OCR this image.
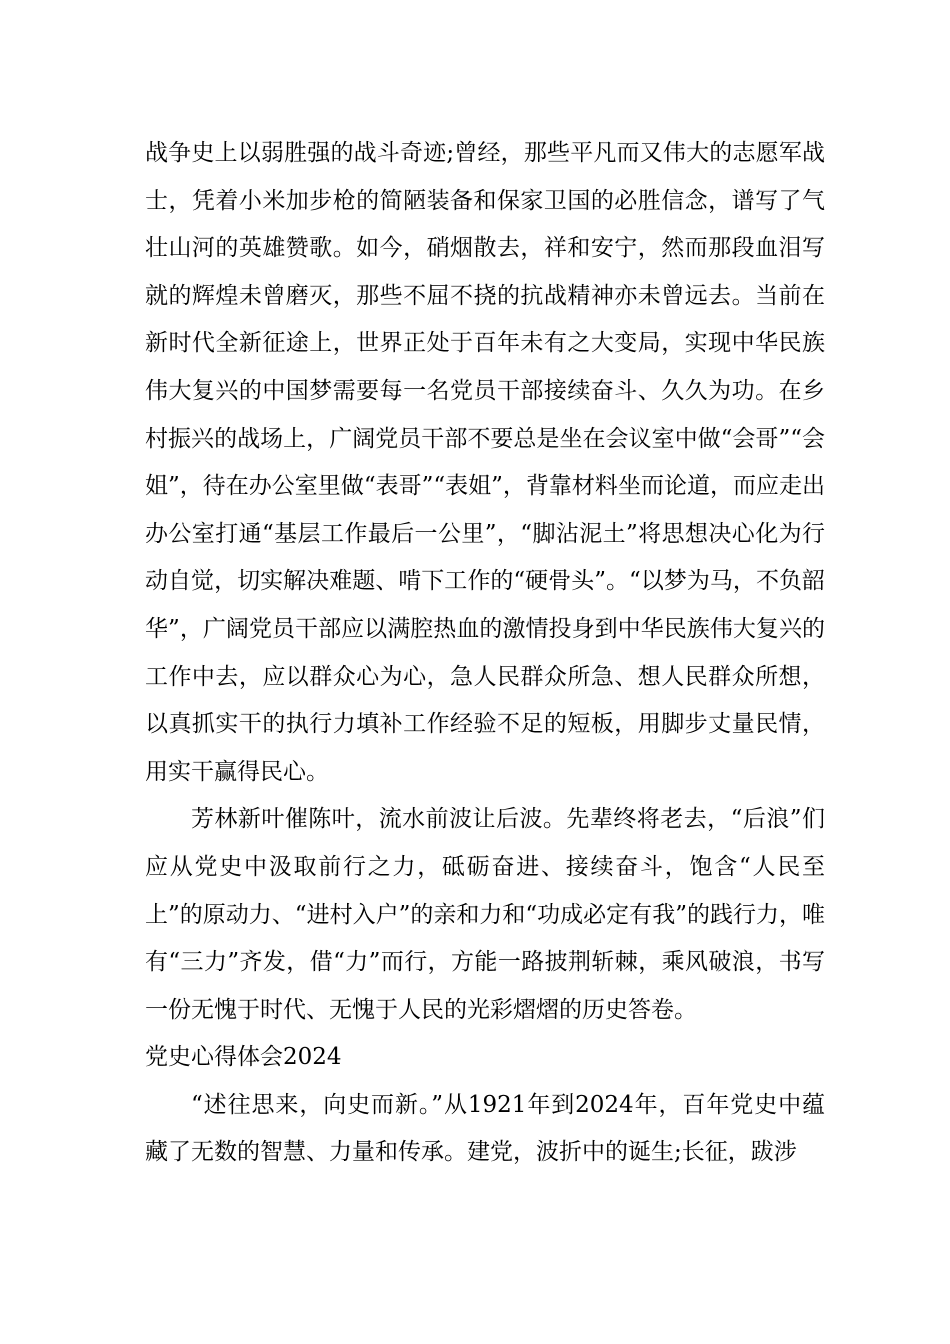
战争史上以弱胜强的战斗奇迹;曾经，那些平凡而又伟大的志愿军战士，凭着小米加步枪的简陋装备和保家卫国的必胜信念，谱写了气壮山河的英雄赞歌。如今，硝烟散去，祥和安宁，然而那段血泪写就的辉煌未曾磨灭，那些不屈不挠的抗战精神亦未曾远去。当前在新时代全新征途上，世界正处于百年未有之大变局，实现中华民族伟大复兴的中国梦需要每一名党员干部接续奋斗、久久为功。在乡村振兴的战场上，广阔党员干部不要总是坐在会议室中做“会哥”“会姐”，待在办公室里做“表哥”“表姐”，背靠材料坐而论道，而应走出办公室打通“基层工作最后一公里”，“脚沾泥土”将思想决心化为行动自觉，切实解决难题、啃下工作的“硬骨头”。“以梦为马，不负韶华”，广阔党员干部应以满腔热血的激情投身到中华民族伟大复兴的工作中去，应以群众心为心，急人民群众所急、想人民群众所想，以真抓实干的执行力填补工作经验不足的短板，用脚步丈量民情，用实干赢得民心。

芳林新叶催陈叶，流水前波让后波。先辈终将老去，“后浪”们应从党史中汲取前行之力，砥砺奋进、接续奋斗，饱含“人民至上”的原动力、“进村入户”的亲和力和“功成必定有我”的践行力，唯有“三力”齐发，借“力”而行，方能一路披荆斩棘，乘风破浪，书写一份无愧于时代、无愧于人民的光彩熠熠的历史答卷。

党史心得体会2024

“述往思来，向史而新。”从1921年到2024年，百年党史中蕴藏了无数的智慧、力量和传承。建党，波折中的诞生;长征，跋涉
